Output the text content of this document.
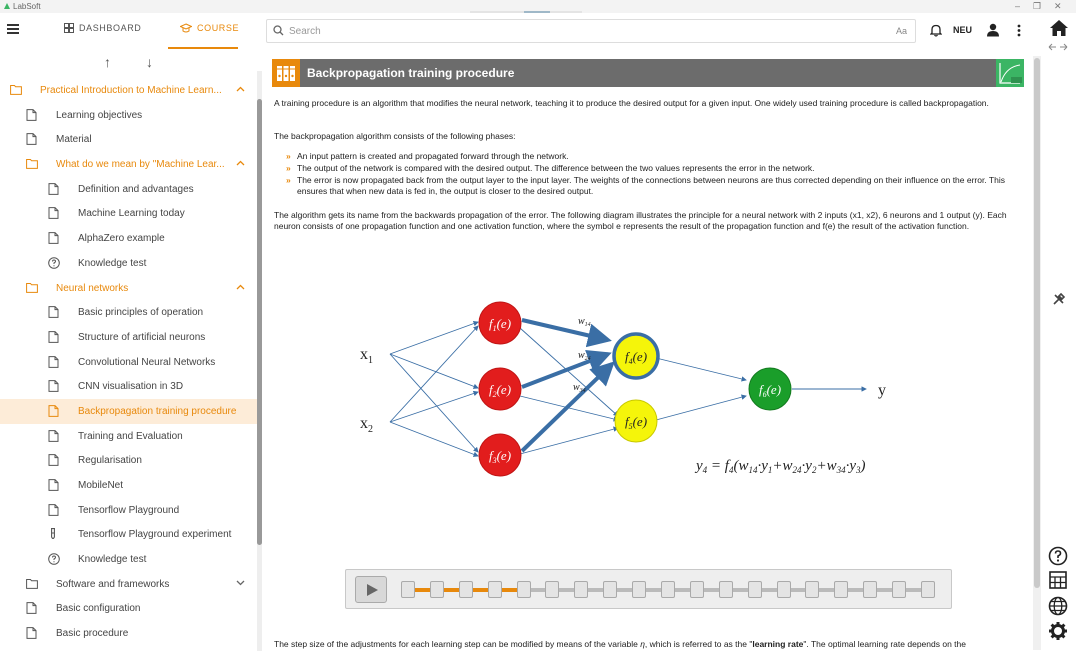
LabSoft	– ❐ ✕
DASHBOARD	COURSE
↑	↓
Practical Introduction to Machine Learn...
Learning objectives
Material
What do we mean by "Machine Lear...
Definition and advantages
Machine Learning today
AlphaZero example
Knowledge test
Neural networks
Basic principles of operation
Structure of artificial neurons
Convolutional Neural Networks
CNN visualisation in 3D
Backpropagation training procedure
Training and Evaluation
Regularisation
MobileNet
Tensorflow Playground
Tensorflow Playground experiment
Knowledge test
Software and frameworks
Basic configuration
Basic procedure
Search
Aa	NEU
Backpropagation training procedure

A training procedure is an algorithm that modifies the neural network, teaching it to produce the desired output for a given input. One widely used training procedure is called backpropagation.

The backpropagation algorithm consists of the following phases:

» An input pattern is created and propagated forward through the network.
» The output of the network is compared with the desired output. The difference between the two values represents the error in the network.
» The error is now propagated back from the output layer to the input layer. The weights of the connections between neurons are thus corrected depending on their influence on the error. This ensures that when new data is fed in, the output is closer to the desired output.

The algorithm gets its name from the backwards propagation of the error. The following diagram illustrates the principle for a neural network with 2 inputs (x1, x2), 6 neurons and 1 output (y). Each neuron consists of one propagation function and one activation function, where the symbol e represents the result of the propagation function and f(e) the result of the activation function.

$x_1$
$x_2$
y
$w_{14}$
$w_{24}$
$w_{34}$
$f_1(e)$
$f_2(e)$
$f_3(e)$
$f_4(e)$
$f_5(e)$
$f_6(e)$
$y_4 = f_4(w_{14}\cdot y_1+w_{24}\cdot y_2+w_{34}\cdot y_3)$

The step size of the adjustments for each learning step can be modified by means of the variable η, which is referred to as the "learning rate". The optimal learning rate depends on the
